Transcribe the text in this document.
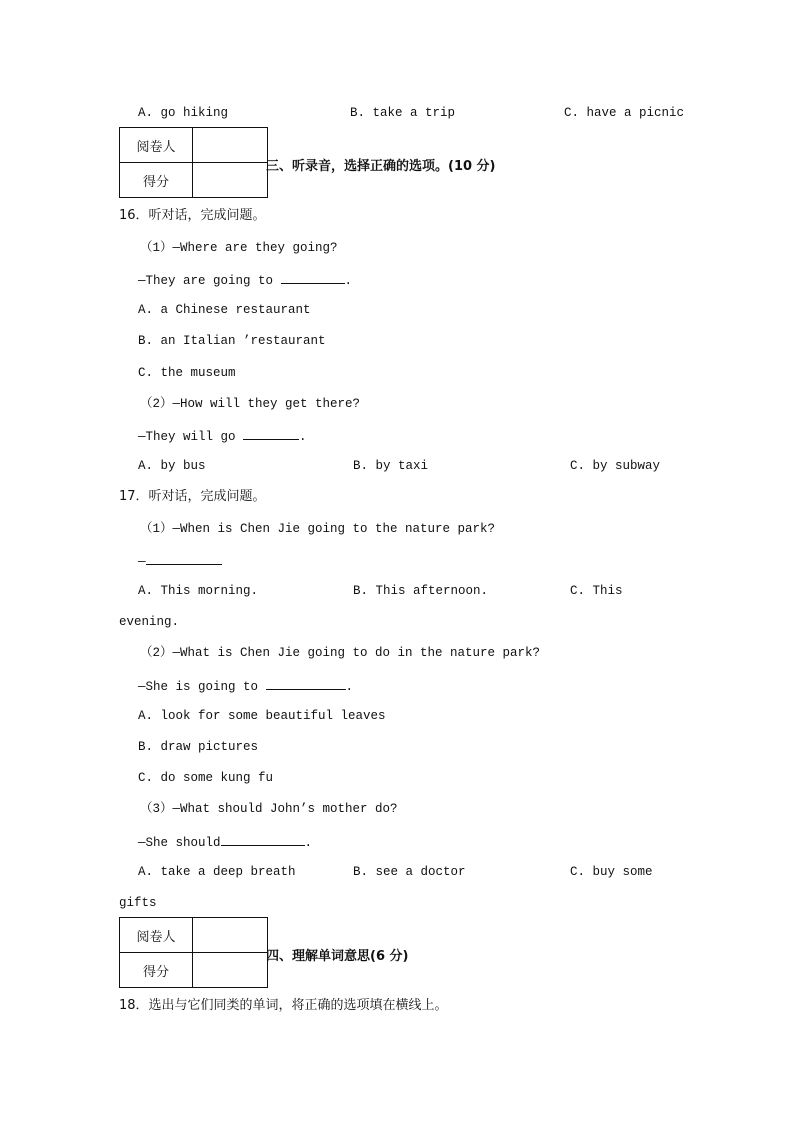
A. go hiking	B. take a trip	C. have a picnic
阅卷人	
得分	
三、听录音，选择正确的选项。(10 分)
16．听对话，完成问题。
（1）—Where are they going?
—They are going to	.
A. a Chinese restaurant
B. an Italian ’restaurant
C. the museum
（2）—How will they get there?
—They will go	.
A. by bus	B. by taxi	C. by subway
17．听对话，完成问题。
（1）—When is Chen Jie going to the nature park?
—
A. This morning.	B. This afternoon.	C. This
evening.
（2）—What is Chen Jie going to do in the nature park?
—She is going to	.
A. look for some beautiful leaves
B. draw pictures
C. do some kung fu
（3）—What should John’s mother do?
—She should	.
A. take a deep breath	B. see a doctor	C. buy some
gifts
阅卷人	
得分	
四、理解单词意思(6 分)
18．选出与它们同类的单词，将正确的选项填在横线上。
